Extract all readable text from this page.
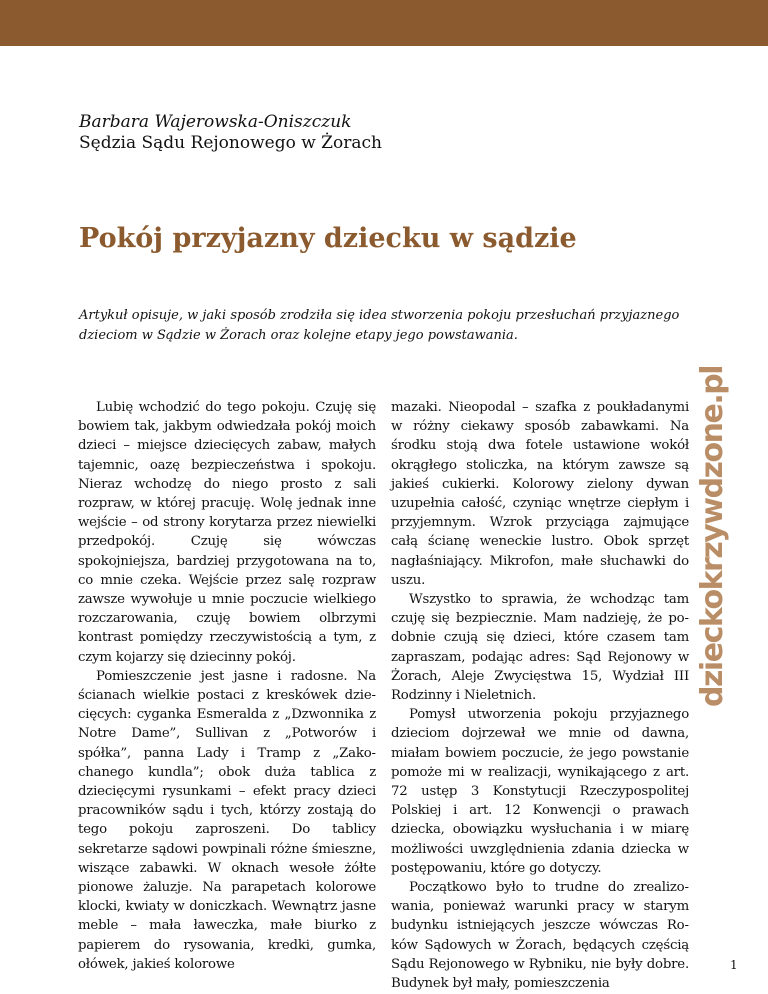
Barbara Wajerowska-Oniszczuk
Sędzia Sądu Rejonowego w Żorach
Pokój przyjazny dziecku w sądzie

Artykuł opisuje, w jaki sposób zrodziła się idea stworzenia pokoju przesłuchań przyjaznego dzieciom w Sądzie w Żorach oraz kolejne etapy jego powstawania.

Lubię wchodzić do tego pokoju. Czuję się bowiem tak, jakbym odwiedzała pokój moich dzieci – miejsce dziecięcych zabaw, małych tajemnic, oazę bezpieczeństwa i spokoju. Nieraz wchodzę do niego prosto z sali rozpraw, w której pracuję. Wolę jednak inne wejście – od strony korytarza przez niewielki przedpokój. Czuję się wówczas spokojniejsza, bardziej przygotowana na to, co mnie czeka. Wejście przez salę rozpraw zawsze wywołuje u mnie poczucie wielkiego rozczarowania, czuję bowiem olbrzymi kontrast pomiędzy rzeczywistością a tym, z czym kojarzy się dziecinny pokój.

Pomieszczenie jest jasne i radosne. Na ścianach wielkie postaci z kreskówek dziecięcych: cyganka Esmeralda z „Dzwonnika z Notre Dame”, Sullivan z „Potworów i spółka”, panna Lady i Tramp z „Zakochanego kundla”; obok duża tablica z dziecięcymi rysunkami – efekt pracy dzieci pracowników sądu i tych, którzy zostają do tego pokoju zaproszeni. Do tablicy sekretarze sądowi powpinali różne śmieszne, wiszące zabawki. W oknach wesołe żółte pionowe żaluzje. Na parapetach kolorowe klocki, kwiaty w doniczkach. Wewnątrz jasne meble – mała ławeczka, małe biurko z papierem do rysowania, kredki, gumka, ołówek, jakieś kolorowe

mazaki. Nieopodal – szafka z poukładanymi w różny ciekawy sposób zabawkami. Na środku stoją dwa fotele ustawione wokół okrągłego stoliczka, na którym zawsze są jakieś cukierki. Kolorowy zielony dywan uzupełnia całość, czyniąc wnętrze ciepłym i przyjemnym. Wzrok przyciąga zajmujące całą ścianę weneckie lustro. Obok sprzęt nagłaśniający. Mikrofon, małe słuchawki do uszu.

Wszystko to sprawia, że wchodząc tam czuję się bezpiecznie. Mam nadzieję, że podobnie czują się dzieci, które czasem tam zapraszam, podając adres: Sąd Rejonowy w Żorach, Aleje Zwycięstwa 15, Wydział III Rodzinny i Nieletnich.

Pomysł utworzenia pokoju przyjaznego dzieciom dojrzewał we mnie od dawna, miałam bowiem poczucie, że jego powstanie pomoże mi w realizacji, wynikającego z art. 72 ustęp 3 Konstytucji Rzeczypospolitej Polskiej i art. 12 Konwencji o prawach dziecka, obowiązku wysłuchania i w miarę możliwości uwzględnienia zdania dziecka w postępowaniu, które go dotyczy.

Początkowo było to trudne do zrealizowania, ponieważ warunki pracy w starym budynku istniejących jeszcze wówczas Roków Sądowych w Żorach, będących częścią Sądu Rejonowego w Rybniku, nie były dobre. Budynek był mały, pomieszczenia

dzieckokrzywdzone.pl
1
